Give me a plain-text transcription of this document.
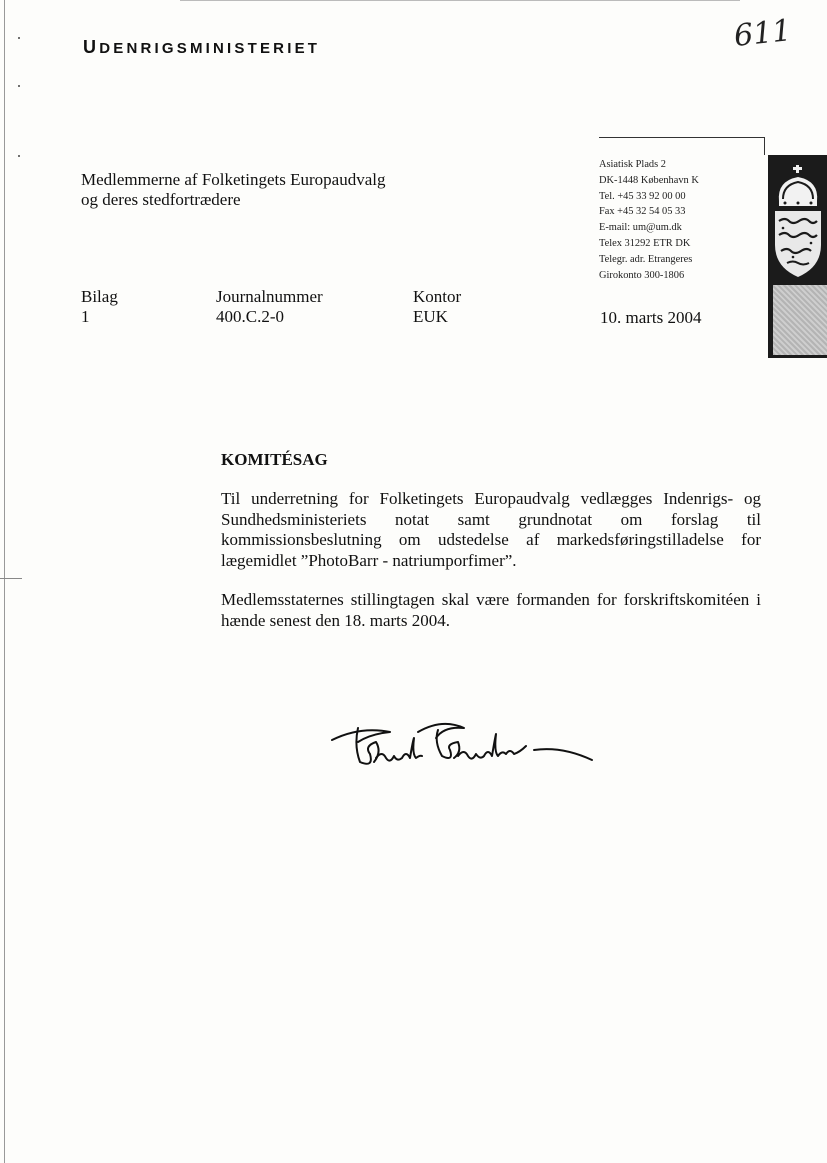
UDENRIGSMINISTERIET	611
Medlemmerne af Folketingets Europaudvalg
og deres stedfortrædere
Asiatisk Plads 2
DK-1448 København K
Tel. +45 33 92 00 00
Fax +45 32 54 05 33
E-mail: um@um.dk
Telex 31292 ETR DK
Telegr. adr. Etrangeres
Girokonto 300-1806
Bilag
1
Journalnummer
400.C.2-0
Kontor
EUK	10. marts 2004
KOMITÉSAG
Til underretning for Folketingets Europaudvalg vedlægges Indenrigs- og Sundhedsministeriets notat samt grundnotat om forslag til kommissionsbeslutning om udstedelse af markedsføringstilladelse for lægemidlet ”PhotoBarr - natriumporfimer”.
Medlemsstaternes stillingtagen skal være formanden for forskriftskomitéen i hænde senest den 18. marts 2004.
